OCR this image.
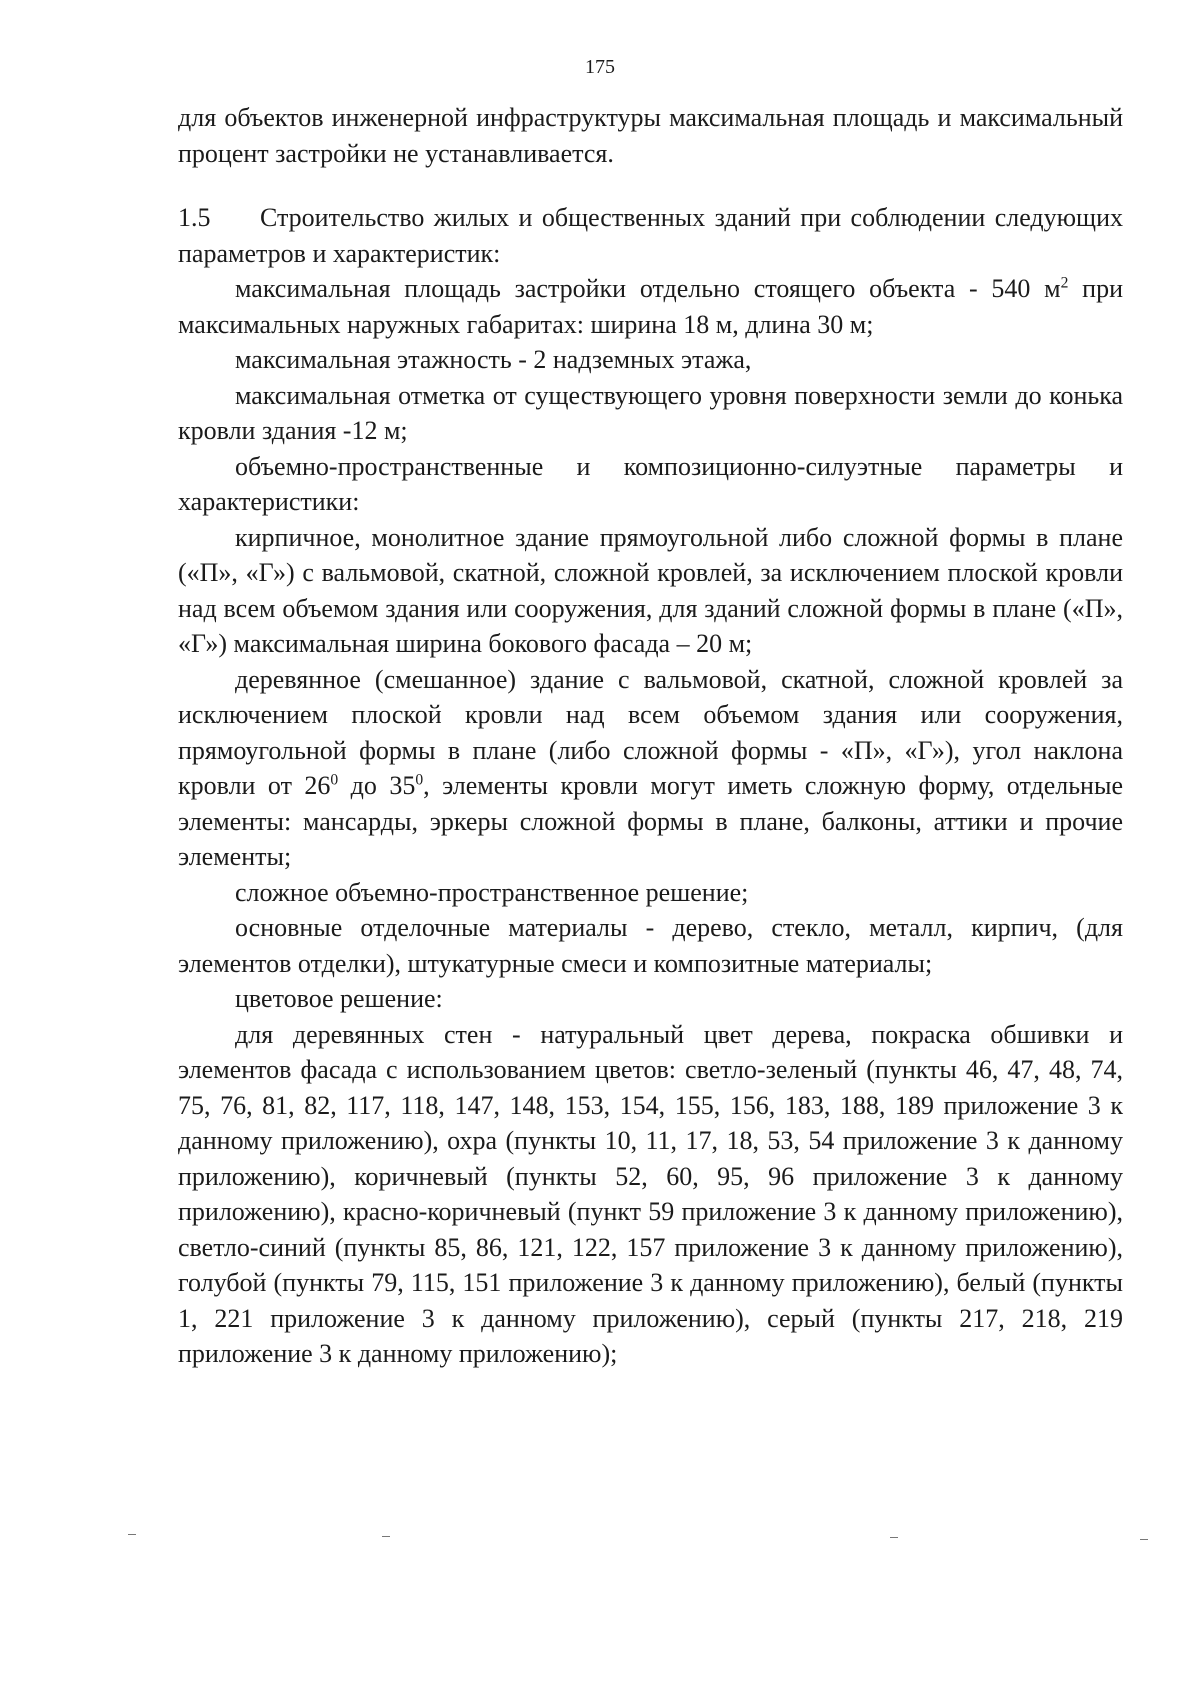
175

для объектов инженерной инфраструктуры максимальная площадь и максимальный процент застройки не устанавливается.

1.5 Строительство жилых и общественных зданий при соблюдении следующих параметров и характеристик:

максимальная площадь застройки отдельно стоящего объекта - 540 $м^2$ при максимальных наружных габаритах: ширина 18 м, длина 30 м;

максимальная этажность - 2 надземных этажа,

максимальная отметка от существующего уровня поверхности земли до конька кровли здания -12 м;

объемно-пространственные и композиционно-силуэтные параметры и характеристики:

кирпичное, монолитное здание прямоугольной либо сложной формы в плане («П», «Г») с вальмовой, скатной, сложной кровлей, за исключением плоской кровли над всем объемом здания или сооружения, для зданий сложной формы в плане («П», «Г») максимальная ширина бокового фасада – 20 м;

деревянное (смешанное) здание с вальмовой, скатной, сложной кровлей за исключением плоской кровли над всем объемом здания или сооружения, прямоугольной формы в плане (либо сложной формы - «П», «Г»), угол наклона кровли от $26^0$ до $35^0$, элементы кровли могут иметь сложную форму, отдельные элементы: мансарды, эркеры сложной формы в плане, балконы, аттики и прочие элементы;

сложное объемно-пространственное решение;

основные отделочные материалы - дерево, стекло, металл, кирпич, (для элементов отделки), штукатурные смеси и композитные материалы;

цветовое решение:

для деревянных стен - натуральный цвет дерева, покраска обшивки и элементов фасада с использованием цветов: светло-зеленый (пункты 46, 47, 48, 74, 75, 76, 81, 82, 117, 118, 147, 148, 153, 154, 155, 156, 183, 188, 189 приложение 3 к данному приложению), охра (пункты 10, 11, 17, 18, 53, 54 приложение 3 к данному приложению), коричневый (пункты 52, 60, 95, 96 приложение 3 к данному приложению), красно-коричневый (пункт 59 приложение 3 к данному приложению), светло-синий (пункты 85, 86, 121, 122, 157 приложение 3 к данному приложению), голубой (пункты 79, 115, 151 приложение 3 к данному приложению), белый (пункты 1, 221 приложение 3 к данному приложению), серый (пункты 217, 218, 219 приложение 3 к данному приложению);
